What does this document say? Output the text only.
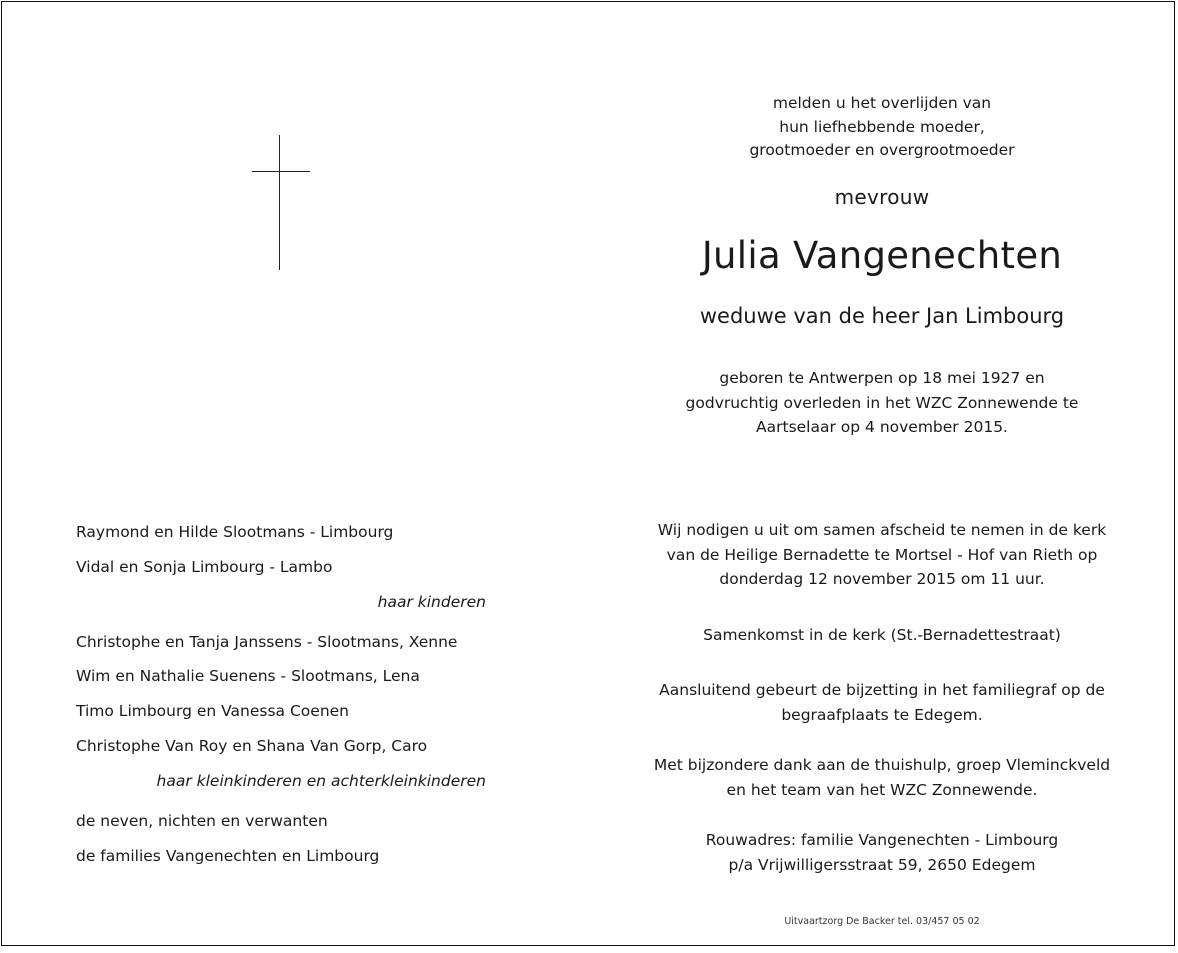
melden u het overlijden van
hun liefhebbende moeder,
grootmoeder en overgrootmoeder
mevrouw
Julia Vangenechten
weduwe van de heer Jan Limbourg
geboren te Antwerpen op 18 mei 1927 en
godvruchtig overleden in het WZC Zonnewende te
Aartselaar op 4 november 2015.
Wij nodigen u uit om samen afscheid te nemen in de kerk
van de Heilige Bernadette te Mortsel - Hof van Rieth op
donderdag 12 november 2015 om 11 uur.
Samenkomst in de kerk (St.-Bernadettestraat)
Aansluitend gebeurt de bijzetting in het familiegraf op de
begraafplaats te Edegem.
Met bijzondere dank aan de thuishulp, groep Vleminckveld
en het team van het WZC Zonnewende.
Rouwadres: familie Vangenechten - Limbourg
p/a Vrijwilligersstraat 59, 2650 Edegem
Uitvaartzorg De Backer tel. 03/457 05 02
Raymond en Hilde Slootmans - Limbourg
Vidal en Sonja Limbourg - Lambo
haar kinderen
Christophe en Tanja Janssens - Slootmans, Xenne
Wim en Nathalie Suenens - Slootmans, Lena
Timo Limbourg en Vanessa Coenen
Christophe Van Roy en Shana Van Gorp, Caro
haar kleinkinderen en achterkleinkinderen
de neven, nichten en verwanten
de families Vangenechten en Limbourg
